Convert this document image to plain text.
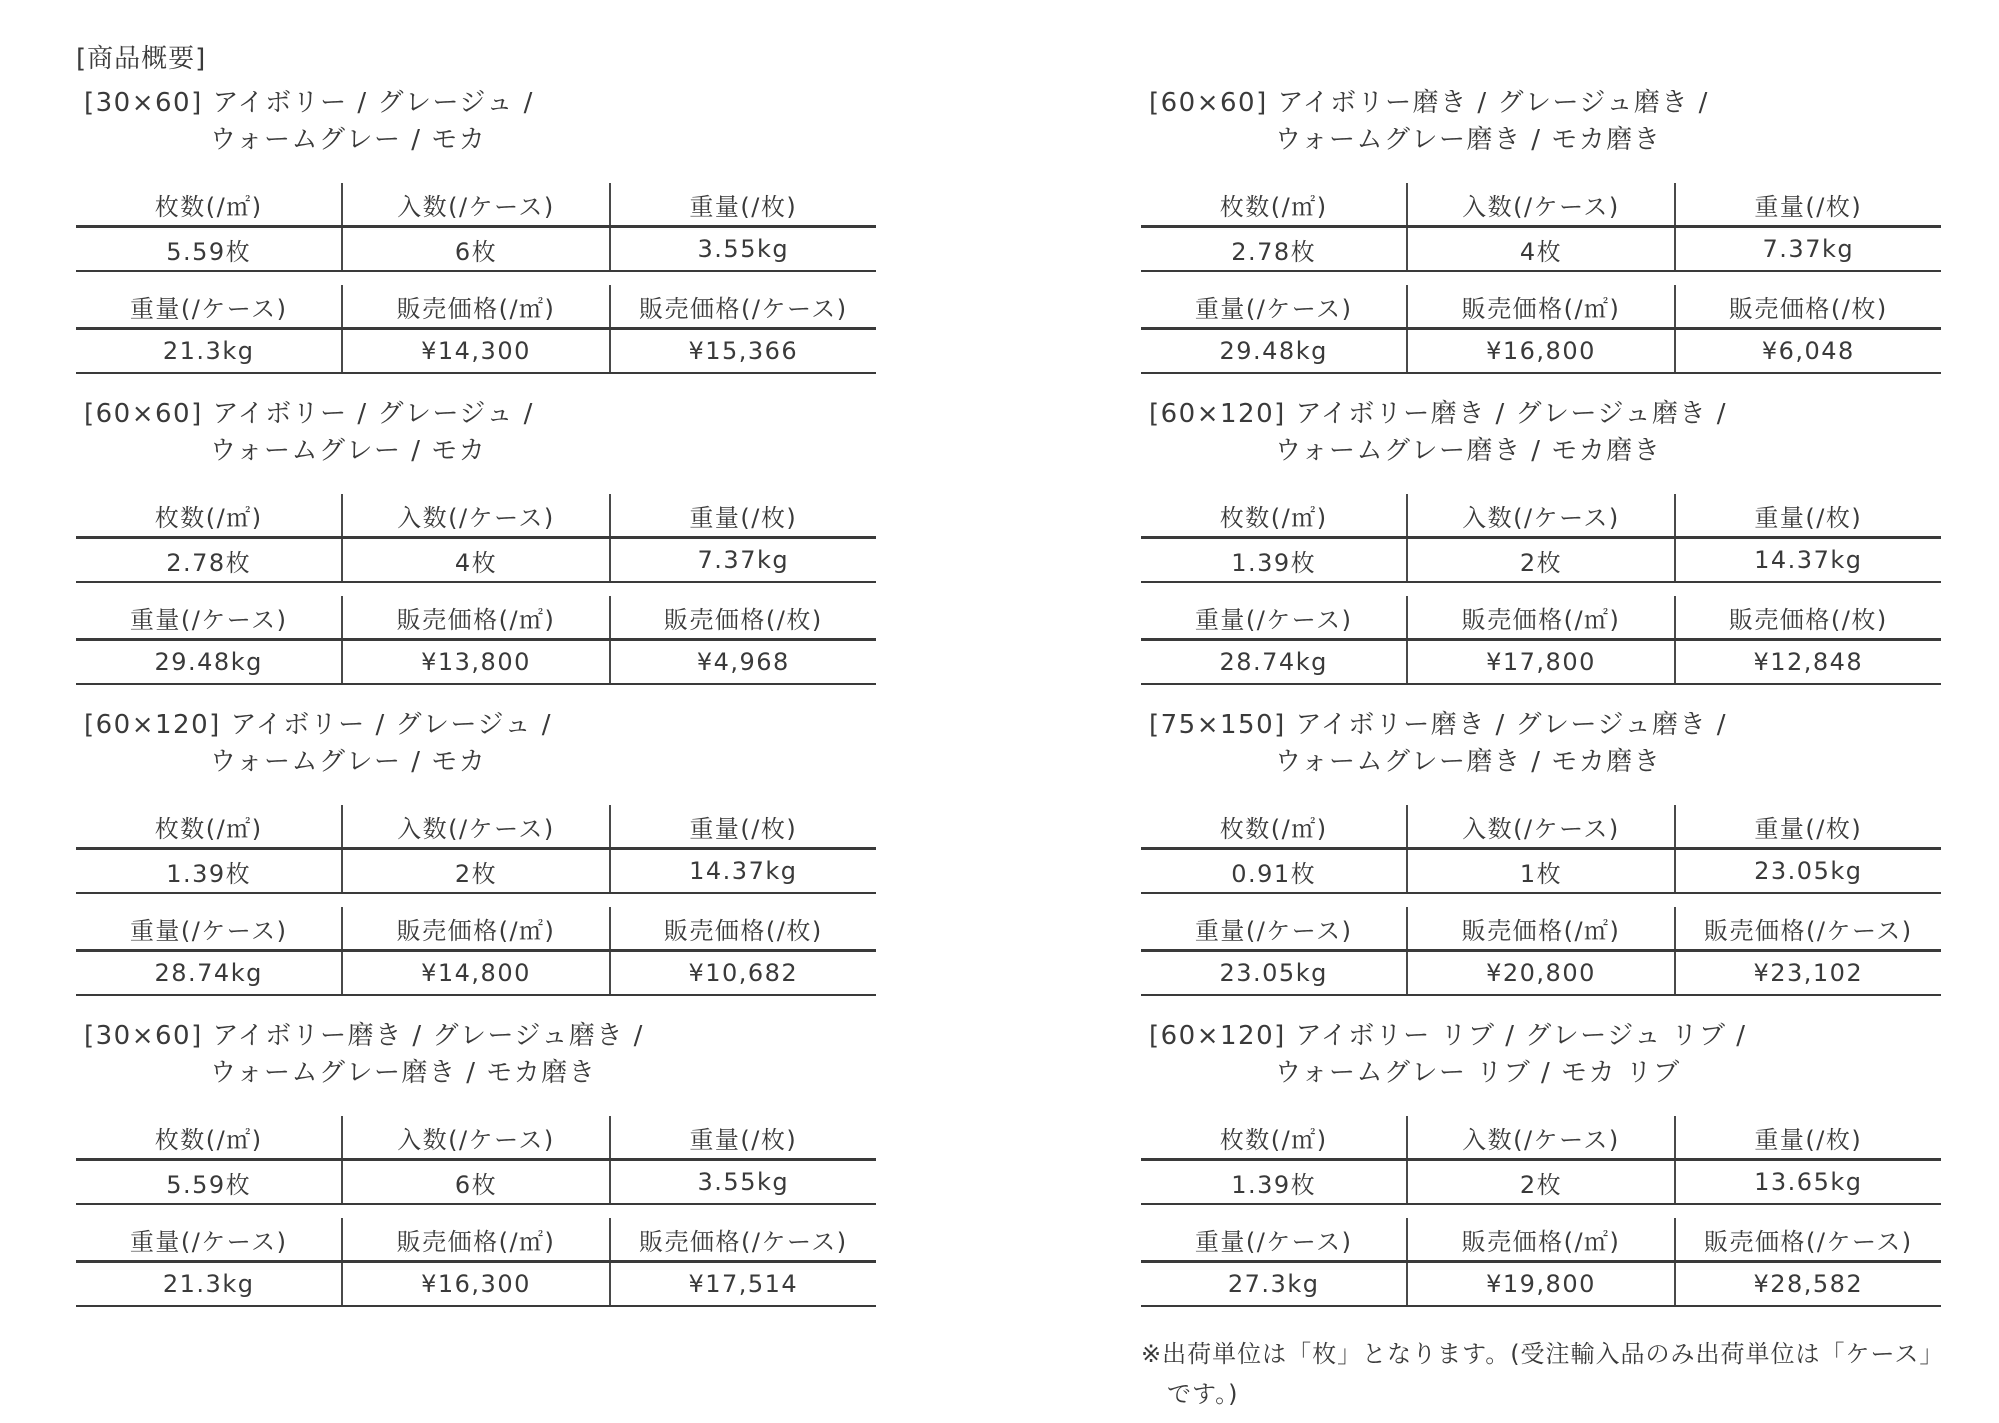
[商品概要]
[30×60] アイボリー / グレージュ /
ウォームグレー / モカ
枚数(/㎡)	入数(/ケース)	重量(/枚)
5.59枚	6枚	3.55kg
重量(/ケース)	販売価格(/㎡)	販売価格(/ケース)
21.3kg	¥14,300	¥15,366
[60×60] アイボリー / グレージュ /
ウォームグレー / モカ
枚数(/㎡)	入数(/ケース)	重量(/枚)
2.78枚	4枚	7.37kg
重量(/ケース)	販売価格(/㎡)	販売価格(/枚)
29.48kg	¥13,800	¥4,968
[60×120] アイボリー / グレージュ /
ウォームグレー / モカ
枚数(/㎡)	入数(/ケース)	重量(/枚)
1.39枚	2枚	14.37kg
重量(/ケース)	販売価格(/㎡)	販売価格(/枚)
28.74kg	¥14,800	¥10,682
[30×60] アイボリー磨き / グレージュ磨き /
ウォームグレー磨き / モカ磨き
枚数(/㎡)	入数(/ケース)	重量(/枚)
5.59枚	6枚	3.55kg
重量(/ケース)	販売価格(/㎡)	販売価格(/ケース)
21.3kg	¥16,300	¥17,514
[60×60] アイボリー磨き / グレージュ磨き /
ウォームグレー磨き / モカ磨き
枚数(/㎡)	入数(/ケース)	重量(/枚)
2.78枚	4枚	7.37kg
重量(/ケース)	販売価格(/㎡)	販売価格(/枚)
29.48kg	¥16,800	¥6,048
[60×120] アイボリー磨き / グレージュ磨き /
ウォームグレー磨き / モカ磨き
枚数(/㎡)	入数(/ケース)	重量(/枚)
1.39枚	2枚	14.37kg
重量(/ケース)	販売価格(/㎡)	販売価格(/枚)
28.74kg	¥17,800	¥12,848
[75×150] アイボリー磨き / グレージュ磨き /
ウォームグレー磨き / モカ磨き
枚数(/㎡)	入数(/ケース)	重量(/枚)
0.91枚	1枚	23.05kg
重量(/ケース)	販売価格(/㎡)	販売価格(/ケース)
23.05kg	¥20,800	¥23,102
[60×120] アイボリー リブ / グレージュ リブ /
ウォームグレー リブ / モカ リブ
枚数(/㎡)	入数(/ケース)	重量(/枚)
1.39枚	2枚	13.65kg
重量(/ケース)	販売価格(/㎡)	販売価格(/ケース)
27.3kg	¥19,800	¥28,582

※出荷単位は「枚」となります。(受注輸入品のみ出荷単位は「ケース」
です。)
